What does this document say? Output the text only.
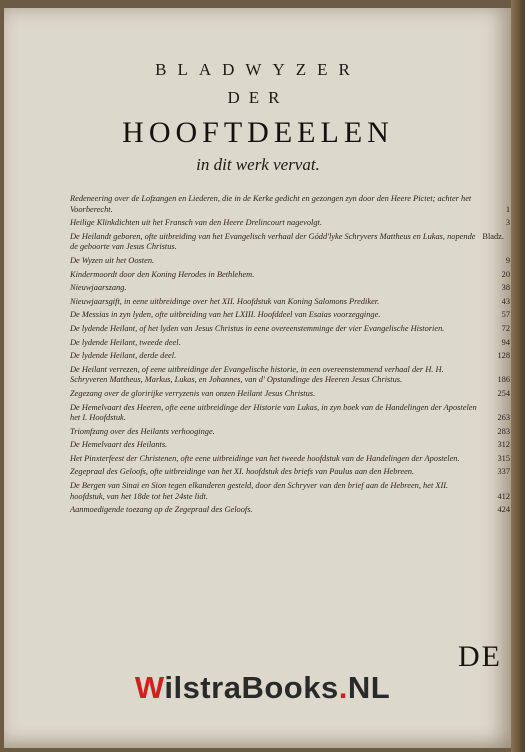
BLADWYZER
DER
HOOFTDEELEN
in dit werk vervat.
Bladz.
Redeneering over de Lofzangen en Liederen, die in de Kerke gedicht en gezongen zyn door den Heere Pictet; achter het Voorberecht.	1
Heilige Klinkdichten uit het Fransch van den Heere Drelincourt nagevolgt.	3
De Heilandt geboren, ofte uitbreiding van het Evangelisch verhaal der Gódd'lyke Schryvers Mattheus en Lukas, nopende de geboorte van Jesus Christus.
De Wyzen uit het Oosten.	9
Kindermoordt door den Koning Herodes in Bethlehem.	20
Nieuwjaarszang.	38
Nieuwjaarsgift, in eene uitbreidinge over het XII. Hoofdstuk van Koning Salomons Prediker.	43
De Messias in zyn lyden, ofte uitbreiding van het LXIII. Hoofddeel van Esaias voorzegginge.	57
De lydende Heilant, of het lyden van Jesus Christus in eene overeenstemminge der vier Evangelische Historien.	72
De lydende Heilant, tweede deel.	94
De lydende Heilant, derde deel.	128
De Heilant verrezen, of eene uitbreidinge der Evangelische historie, in een overeenstemmend verhaal der H. H. Schryveren Mattheus, Markus, Lukas, en Johannes, van d' Opstandinge des Heeren Jesus Christus.	186
Zegezang over de gloririjke verryzenis van onzen Heilant Jesus Christus.	254
De Hemelvaart des Heeren, ofte eene uitbreidinge der Historie van Lukas, in zyn boek van de Handelingen der Apostelen het I. Hoofdstuk.	263
Triomfzang over des Heilants verhooginge.	283
De Hemelvaart des Heilants.	312
Het Pinxterfeest der Christenen, ofte eene uitbreidinge van het tweede hoofdstuk van de Handelingen der Apostelen.	315
Zegepraal des Geloofs, ofte uitbreidinge van het XI. hoofdstuk des briefs van Paulus aan den Hebreen.	337
De Bergen van Sinai en Sion tegen elkanderen gesteld, door den Schryver van den brief aan de Hebreen, het XII. hoofdstuk, van het 18de tot het 24ste lidt.	412
Aanmoedigende toezang op de Zegepraal des Geloofs.	424
DE
WilstraBooks.NL
